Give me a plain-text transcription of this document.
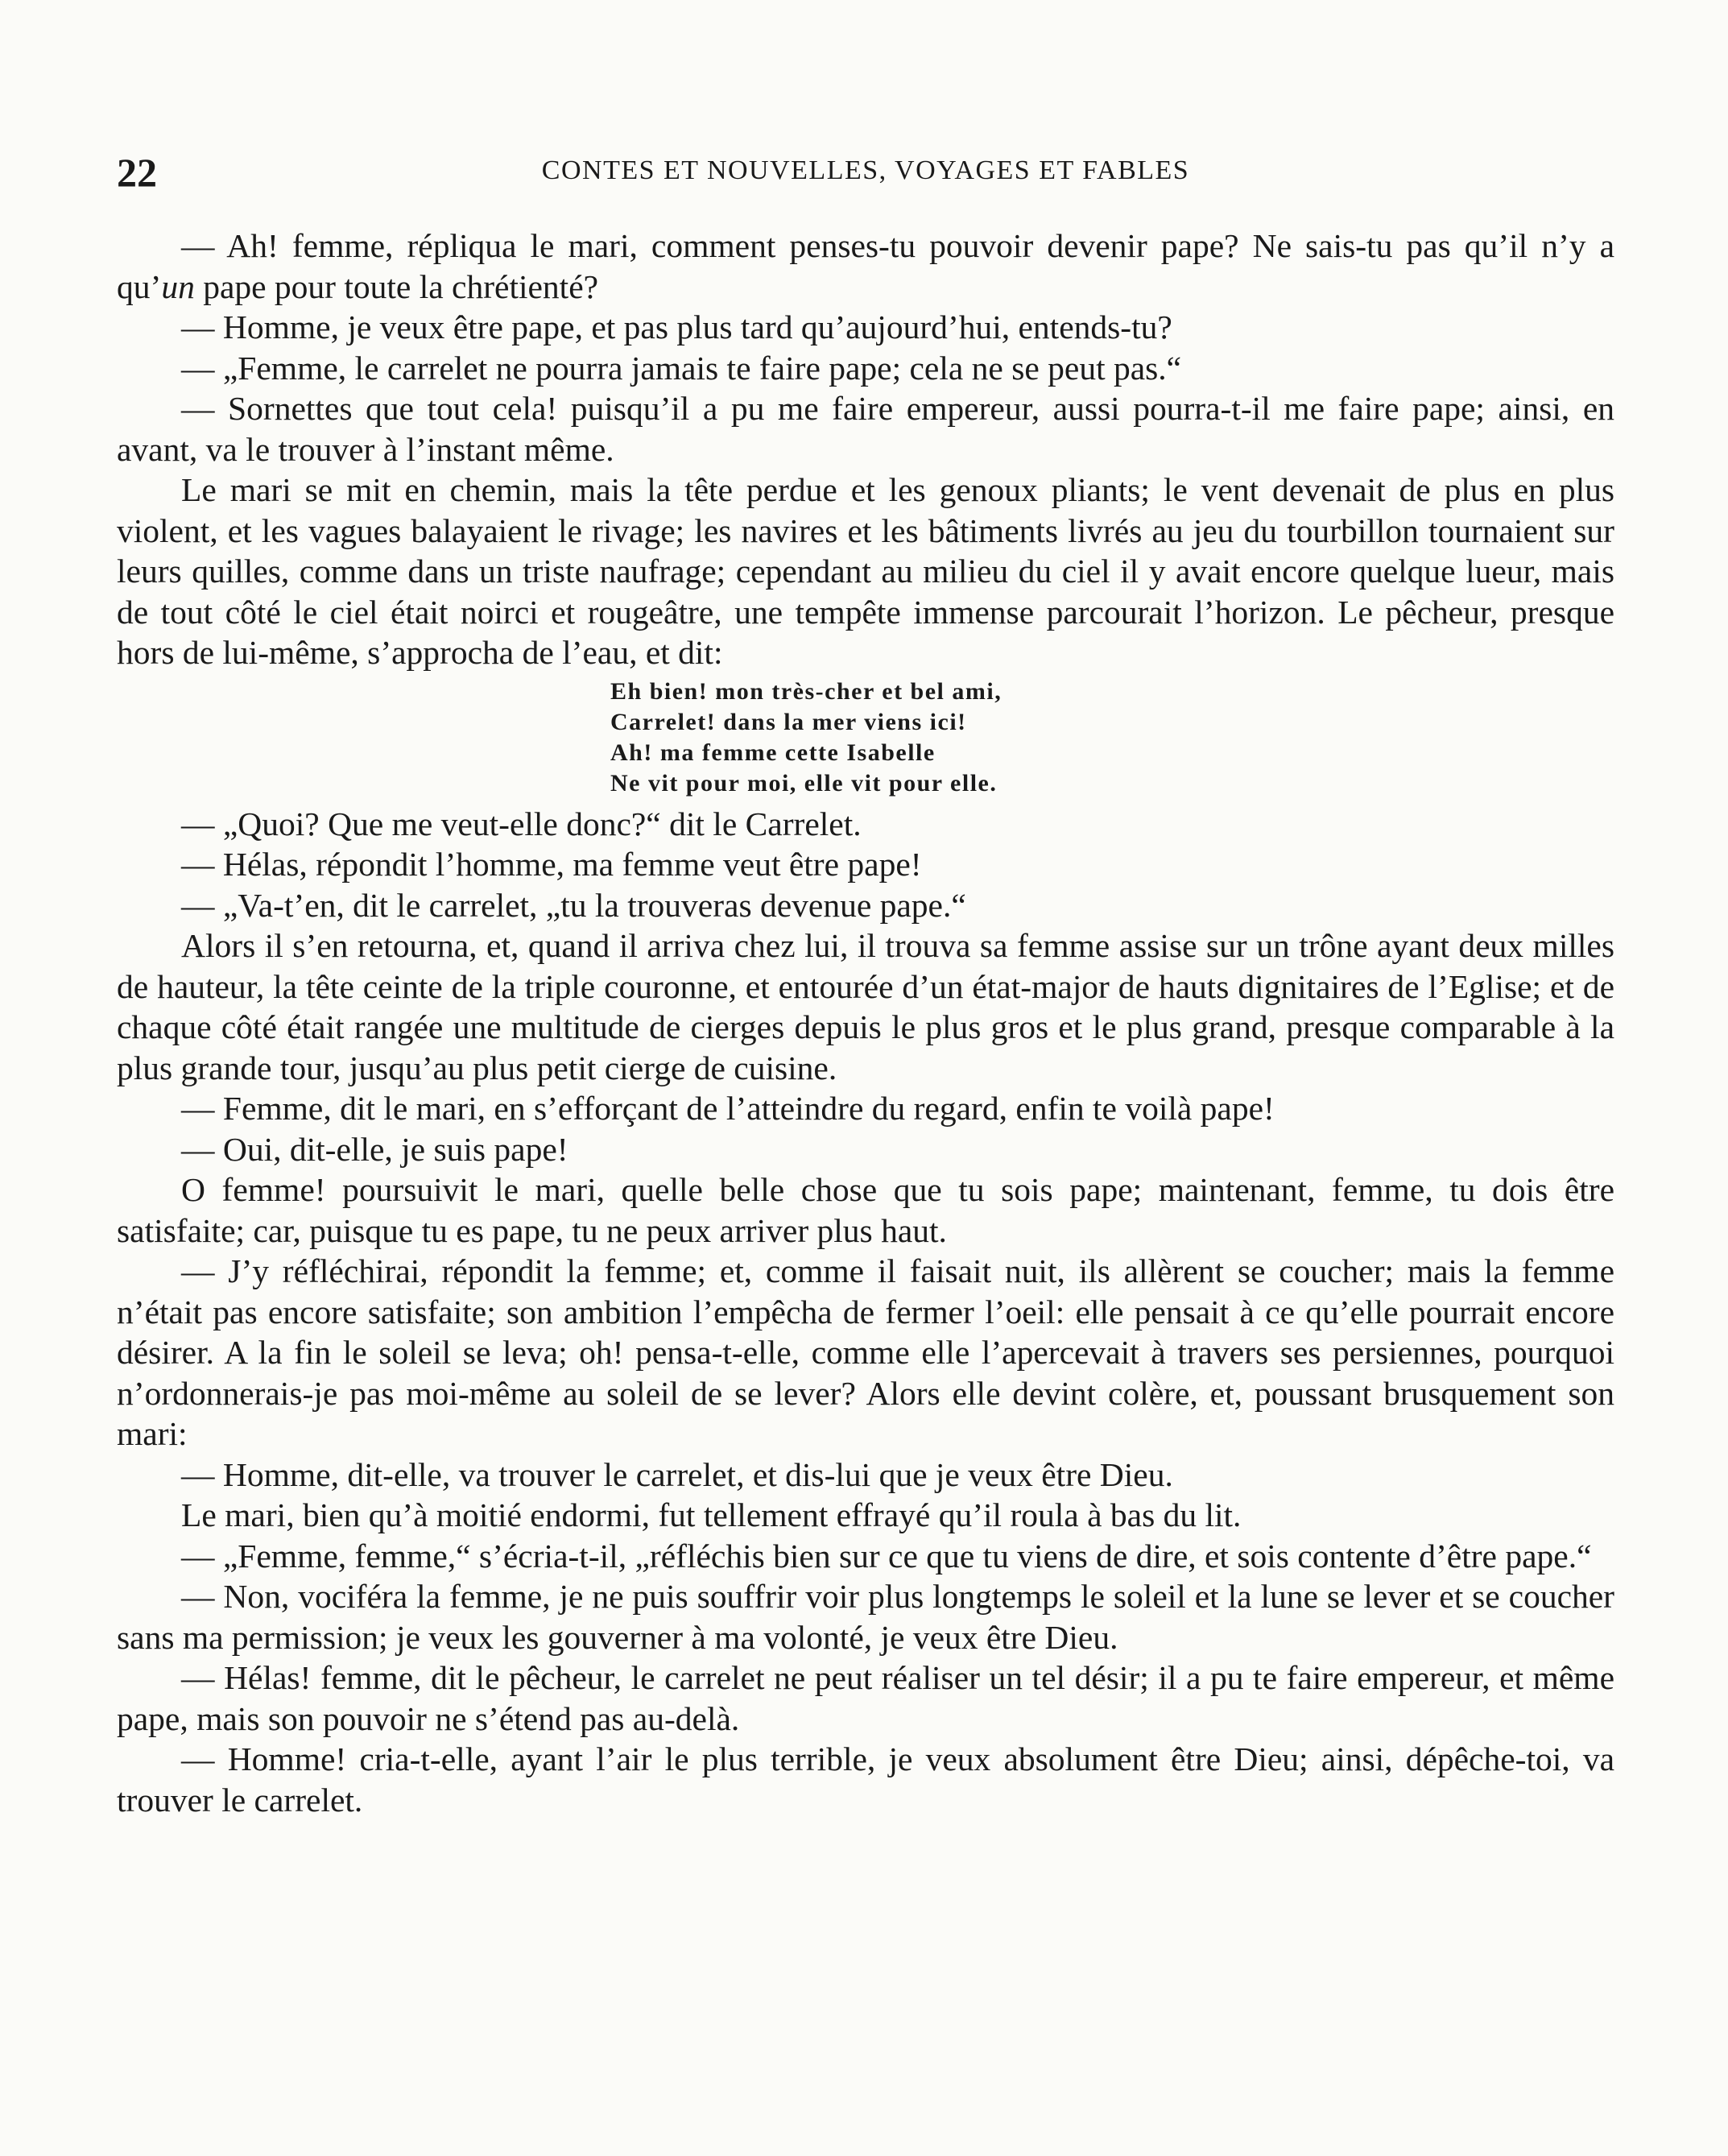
22	CONTES ET NOUVELLES, VOYAGES ET FABLES

— Ah! femme, répliqua le mari, comment penses-tu pouvoir devenir pape? Ne sais-tu pas qu’il n’y a qu’un pape pour toute la chrétienté?

— Homme, je veux être pape, et pas plus tard qu’aujourd’hui, entends-tu?

— „Femme, le carrelet ne pourra jamais te faire pape; cela ne se peut pas.“

— Sornettes que tout cela! puisqu’il a pu me faire empereur, aussi pourra-t-il me faire pape; ainsi, en avant, va le trouver à l’instant même.

Le mari se mit en chemin, mais la tête perdue et les genoux pliants; le vent devenait de plus en plus violent, et les vagues balayaient le rivage; les navires et les bâtiments livrés au jeu du tourbillon tournaient sur leurs quilles, comme dans un triste naufrage; cependant au milieu du ciel il y avait encore quelque lueur, mais de tout côté le ciel était noirci et rougeâtre, une tempête immense parcourait l’horizon. Le pêcheur, presque hors de lui-même, s’approcha de l’eau, et dit:

Eh bien! mon très-cher et bel ami,
Carrelet! dans la mer viens ici!
Ah! ma femme cette Isabelle
Ne vit pour moi, elle vit pour elle.

— „Quoi? Que me veut-elle donc?“ dit le Carrelet.

— Hélas, répondit l’homme, ma femme veut être pape!

— „Va-t’en, dit le carrelet, „tu la trouveras devenue pape.“

Alors il s’en retourna, et, quand il arriva chez lui, il trouva sa femme assise sur un trône ayant deux milles de hauteur, la tête ceinte de la triple couronne, et entourée d’un état-major de hauts dignitaires de l’Eglise; et de chaque côté était rangée une multitude de cierges depuis le plus gros et le plus grand, presque comparable à la plus grande tour, jusqu’au plus petit cierge de cuisine.

— Femme, dit le mari, en s’efforçant de l’atteindre du regard, enfin te voilà pape!

— Oui, dit-elle, je suis pape!

O femme! poursuivit le mari, quelle belle chose que tu sois pape; maintenant, femme, tu dois être satisfaite; car, puisque tu es pape, tu ne peux arriver plus haut.

— J’y réfléchirai, répondit la femme; et, comme il faisait nuit, ils allèrent se coucher; mais la femme n’était pas encore satisfaite; son ambition l’empêcha de fermer l’oeil: elle pensait à ce qu’elle pourrait encore désirer. A la fin le soleil se leva; oh! pensa-t-elle, comme elle l’apercevait à travers ses persiennes, pourquoi n’ordonnerais-je pas moi-même au soleil de se lever? Alors elle devint colère, et, poussant brusquement son mari:

— Homme, dit-elle, va trouver le carrelet, et dis-lui que je veux être Dieu.

Le mari, bien qu’à moitié endormi, fut tellement effrayé qu’il roula à bas du lit.

— „Femme, femme,“ s’écria-t-il, „réfléchis bien sur ce que tu viens de dire, et sois contente d’être pape.“

— Non, vociféra la femme, je ne puis souffrir voir plus longtemps le soleil et la lune se lever et se coucher sans ma permission; je veux les gouverner à ma volonté, je veux être Dieu.

— Hélas! femme, dit le pêcheur, le carrelet ne peut réaliser un tel désir; il a pu te faire empereur, et même pape, mais son pouvoir ne s’étend pas au-delà.

— Homme! cria-t-elle, ayant l’air le plus terrible, je veux absolument être Dieu; ainsi, dépêche-toi, va trouver le carrelet.
